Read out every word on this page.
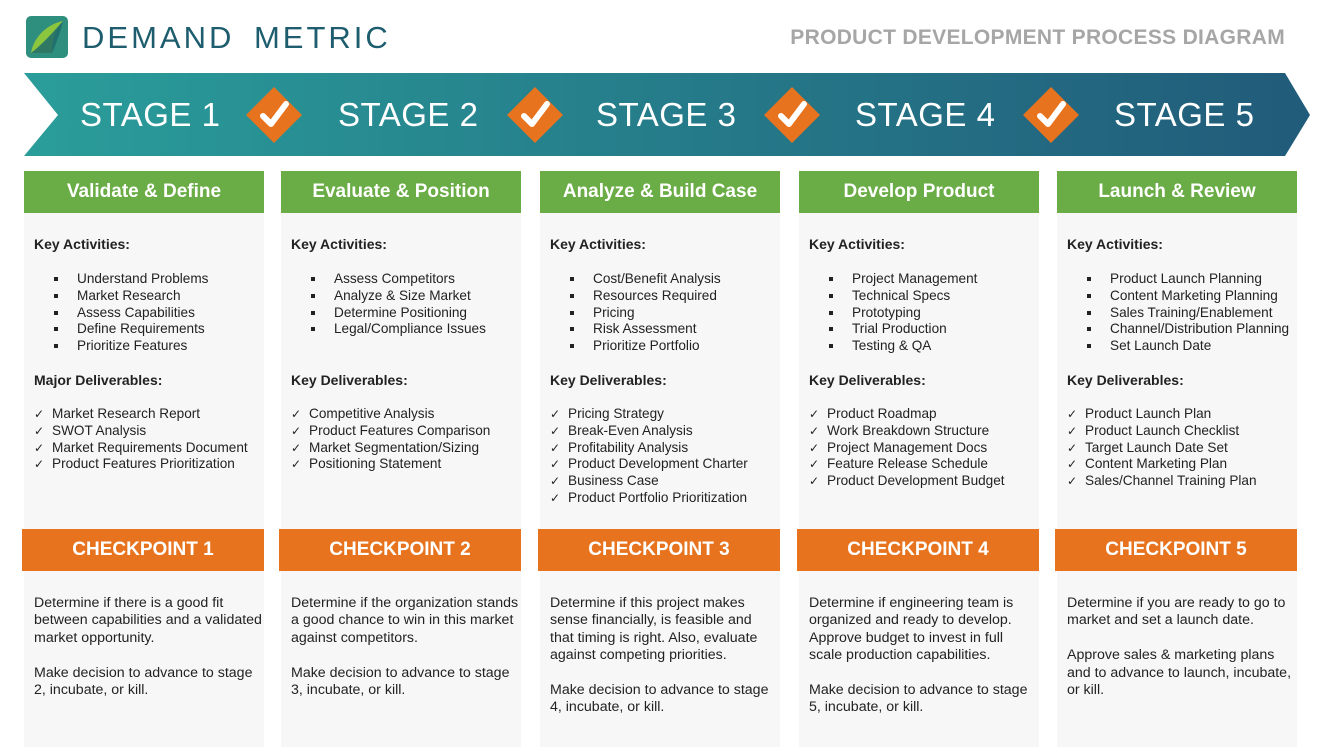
DEMAND METRIC	PRODUCT DEVELOPMENT PROCESS DIAGRAM
STAGE 1	STAGE 2	STAGE 3	STAGE 4	STAGE 5
Validate & Define
Key Activities:
Understand Problems
Market Research
Assess Capabilities
Define Requirements
Prioritize Features
Major Deliverables:
✓ Market Research Report
✓ SWOT Analysis
✓ Market Requirements Document
✓ Product Features Prioritization
CHECKPOINT 1

Determine if there is a good fit between capabilities and a validated market opportunity.

Make decision to advance to stage 2, incubate, or kill.

Evaluate & Position
Key Activities:
Assess Competitors
Analyze & Size Market
Determine Positioning
Legal/Compliance Issues
Key Deliverables:
✓ Competitive Analysis
✓ Product Features Comparison
✓ Market Segmentation/Sizing
✓ Positioning Statement
CHECKPOINT 2

Determine if the organization stands a good chance to win in this market against competitors.

Make decision to advance to stage 3, incubate, or kill.

Analyze & Build Case
Key Activities:
Cost/Benefit Analysis
Resources Required
Pricing
Risk Assessment
Prioritize Portfolio
Key Deliverables:
✓ Pricing Strategy
✓ Break-Even Analysis
✓ Profitability Analysis
✓ Product Development Charter
✓ Business Case
✓ Product Portfolio Prioritization
CHECKPOINT 3

Determine if this project makes sense financially, is feasible and that timing is right. Also, evaluate against competing priorities.

Make decision to advance to stage 4, incubate, or kill.

Develop Product
Key Activities:
Project Management
Technical Specs
Prototyping
Trial Production
Testing & QA
Key Deliverables:
✓ Product Roadmap
✓ Work Breakdown Structure
✓ Project Management Docs
✓ Feature Release Schedule
✓ Product Development Budget
CHECKPOINT 4

Determine if engineering team is organized and ready to develop. Approve budget to invest in full scale production capabilities.

Make decision to advance to stage 5, incubate, or kill.

Launch & Review
Key Activities:
Product Launch Planning
Content Marketing Planning
Sales Training/Enablement
Channel/Distribution Planning
Set Launch Date
Key Deliverables:
✓ Product Launch Plan
✓ Product Launch Checklist
✓ Target Launch Date Set
✓ Content Marketing Plan
✓ Sales/Channel Training Plan
CHECKPOINT 5

Determine if you are ready to go to market and set a launch date.

Approve sales & marketing plans and to advance to launch, incubate, or kill.
